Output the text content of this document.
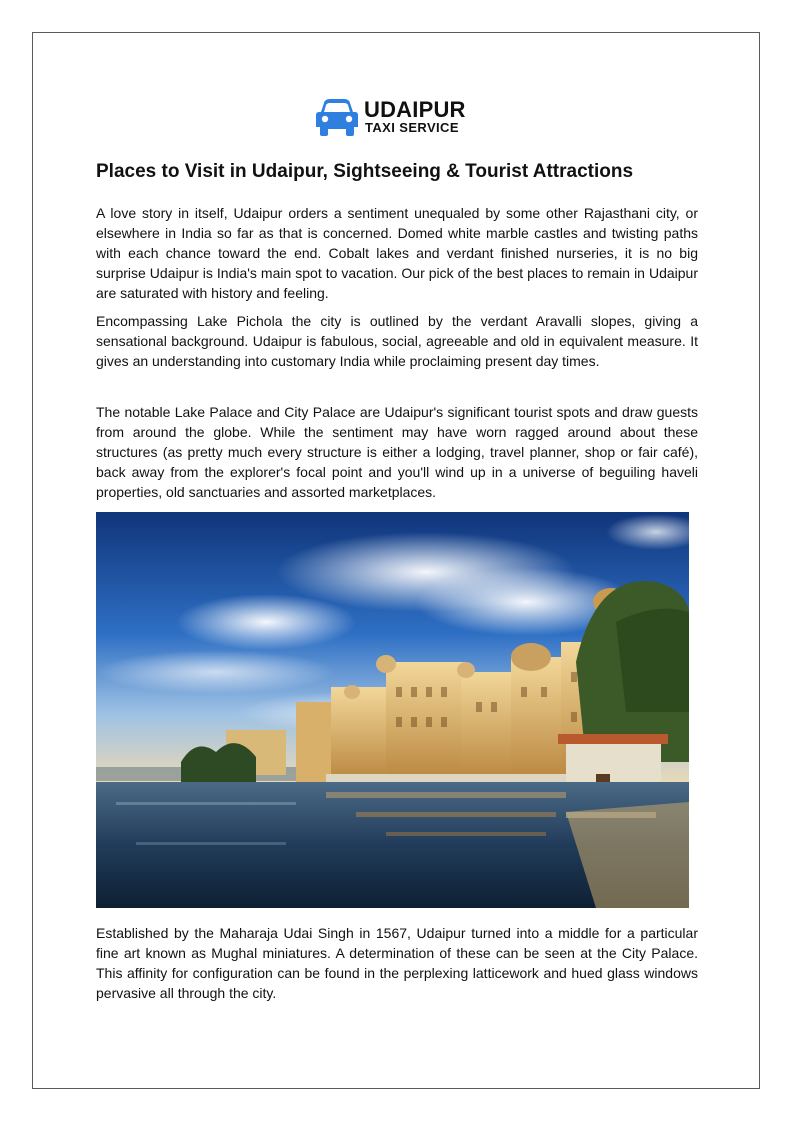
UDAIPUR
TAXI SERVICE
Places to Visit in Udaipur, Sightseeing & Tourist Attractions

A love story in itself, Udaipur orders a sentiment unequaled by some other Rajasthani city, or elsewhere in India so far as that is concerned. Domed white marble castles and twisting paths with each chance toward the end. Cobalt lakes and verdant finished nurseries, it is no big surprise Udaipur is India's main spot to vacation. Our pick of the best places to remain in Udaipur are saturated with history and feeling.

Encompassing Lake Pichola the city is outlined by the verdant Aravalli slopes, giving a sensational background. Udaipur is fabulous, social, agreeable and old in equivalent measure. It gives an understanding into customary India while proclaiming present day times.

The notable Lake Palace and City Palace are Udaipur's significant tourist spots and draw guests from around the globe. While the sentiment may have worn ragged around about these structures (as pretty much every structure is either a lodging, travel planner, shop or fair café), back away from the explorer's focal point and you'll wind up in a universe of beguiling haveli properties, old sanctuaries and assorted marketplaces.

Established by the Maharaja Udai Singh in 1567, Udaipur turned into a middle for a particular fine art known as Mughal miniatures. A determination of these can be seen at the City Palace. This affinity for configuration can be found in the perplexing latticework and hued glass windows pervasive all through the city.
